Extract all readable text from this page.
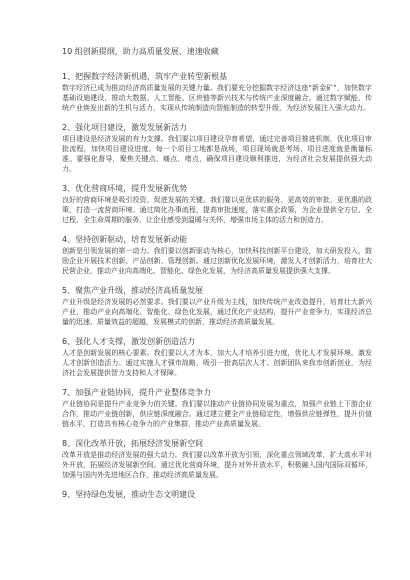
10 组创新提纲，助力高质量发展、速速收藏
1、把握数字经济新机遇，筑牢产业转型新根基

数字经济已成为推动经济高质量发展的关键力量。我们要充分挖掘数字经济这座“新金矿”，加快数字基础设施建设，推动大数据、人工智能、区块链等新兴技术与传统产业深度融合。通过数字赋能，传统产业焕发出新的生机与活力，实现从传统制造向智能制造的转型升级，为经济发展注入强大动力。

2、强化项目建设，激发发展新活力

项目建设是经济发展的有力支撑。我们要以项目建设孕育希望，通过完善项目推进机制，优化项目审批流程，加快项目建设进度。每一个项目工地都是战场，项目现场就是考场，项目进度就是衡量标准。要强化督导，聚焦关键点、痛点、堵点，确保项目建设顺利推进，为经济社会发展提供强大动力。

3、优化营商环境，提升发展新优势

良好的营商环境是吸引投资、促进发展的关键。我们要以更优质的服务、更高效的审批、更优惠的政策，打造一流营商环境。通过简化办事流程，提高审批速度，落实惠企政策，为企业提供全方位、全过程、全生命周期的服务，让企业感受到温暖与关怀，增强市场主体的活力和创造力。

4、坚持创新驱动，培育发展新动能

创新是引领发展的第一动力。我们要以创新驱动为核心，加快科技创新平台建设，加大研发投入，鼓励企业开展技术创新、产品创新、管理创新。通过创新优化发展环境，激发人才创新活力，培育壮大民营企业，推动产业向高端化、智能化、绿色化发展，为经济高质量发展提供强大支撑。

5、聚焦产业升级，推动经济高质量发展

产业升级是经济发展的必然要求。我们要以产业升级为主线，加快传统产业改造提升，培育壮大新兴产业，推动产业向高端化、智能化、绿色化发展，通过优化产业结构，提升产业竞争力，实现经济总量的迅速、质量效益的超越，发展模式的创新，推动经济高质量发展。

6、强化人才支撑，激发创新创造活力

人才是创新发展的核心要素。我们要以人才为本，加大人才培养引进力度，优化人才发展环境，激发人才创新创造活力。通过实施人才强市战略，吸引一批高层次人才、创新团队来我市创新创业，为经济社会发展提供智力支持和人才保障。

7、加强产业链协同，提升产业整体竞争力

产业链协同是提升产业竞争力的关键。我们要以推动产业链协同发展为重点，加强产业链上下游企业合作，推动产业链创新，供应链深度融合。通过建立健全产业链稳定性，增强供应链弹性，提升价值链水平，打造具有核心竞争力的产业集群，推动产业高质量发展。

8、深化改革开放，拓展经济发展新空间

改革开放是推动经济发展的强大动力。我们要以改革开放为引领，深化重点领域改革，扩大高水平对外开放，拓展经济发展新空间。通过优化营商环境，提升对外开放水平，积极融入国内国际双循环，加强与国内外先进地区合作，推动经济高质量发展。

9、坚持绿色发展，推动生态文明建设
